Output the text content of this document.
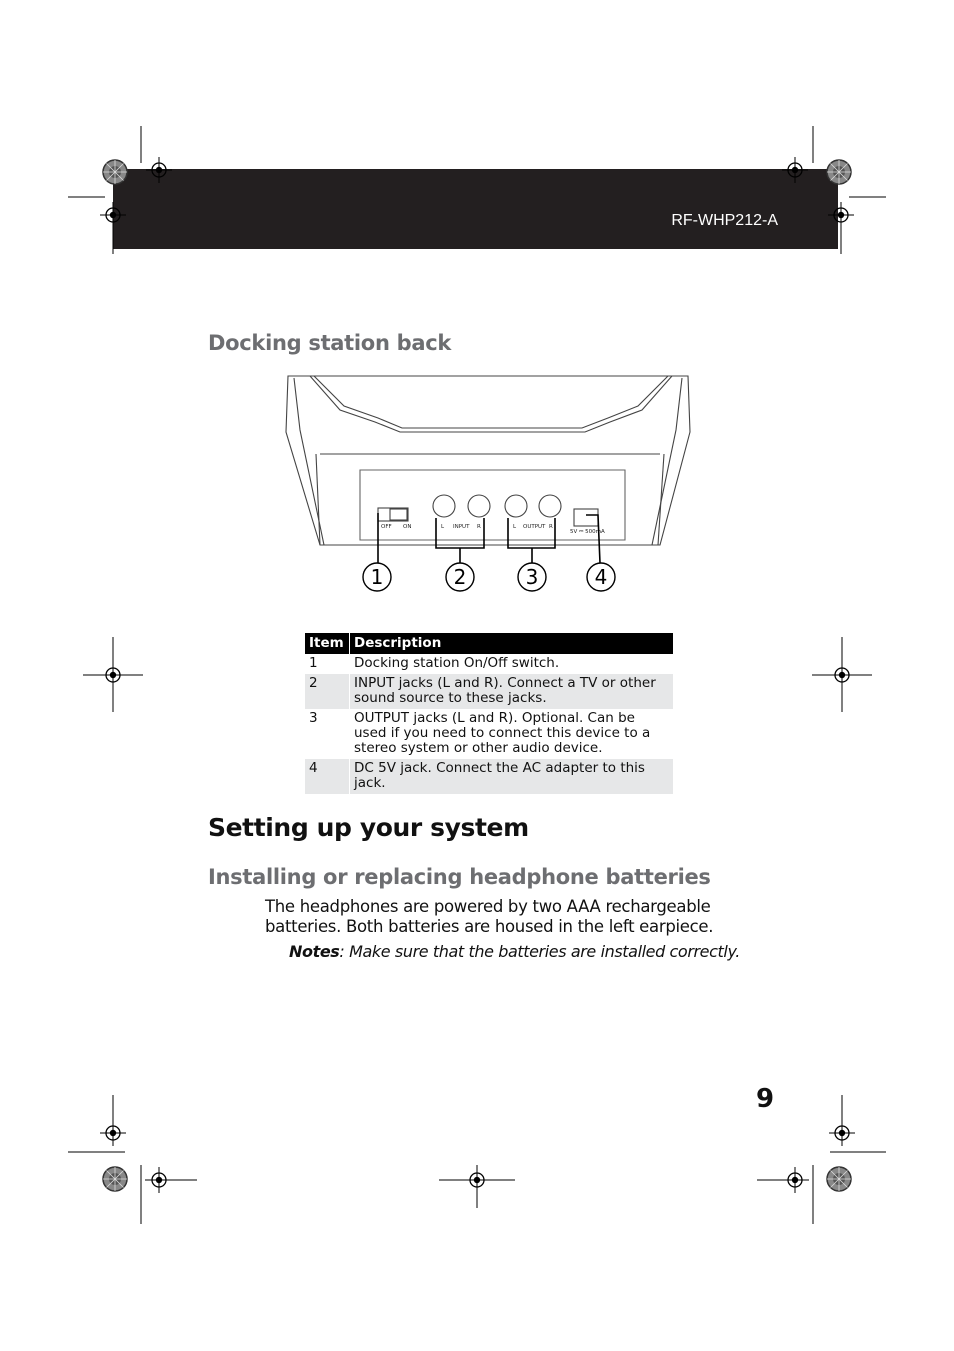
RF-WHP212-A
Docking station back
OFF ON	L INPUT R	L OUTPUT R
5V ⎓ 500mA
1	2	3	4
Item	Description
1	Docking station On/Off switch.
2	INPUT jacks (L and R). Connect a TV or other sound source to these jacks.
3	OUTPUT jacks (L and R). Optional. Can be used if you need to connect this device to a stereo system or other audio device.
4	DC 5V jack. Connect the AC adapter to this jack.
Setting up your system
Installing or replacing headphone batteries
The headphones are powered by two AAA rechargeable batteries. Both batteries are housed in the left earpiece.
Notes: Make sure that the batteries are installed correctly.
9
